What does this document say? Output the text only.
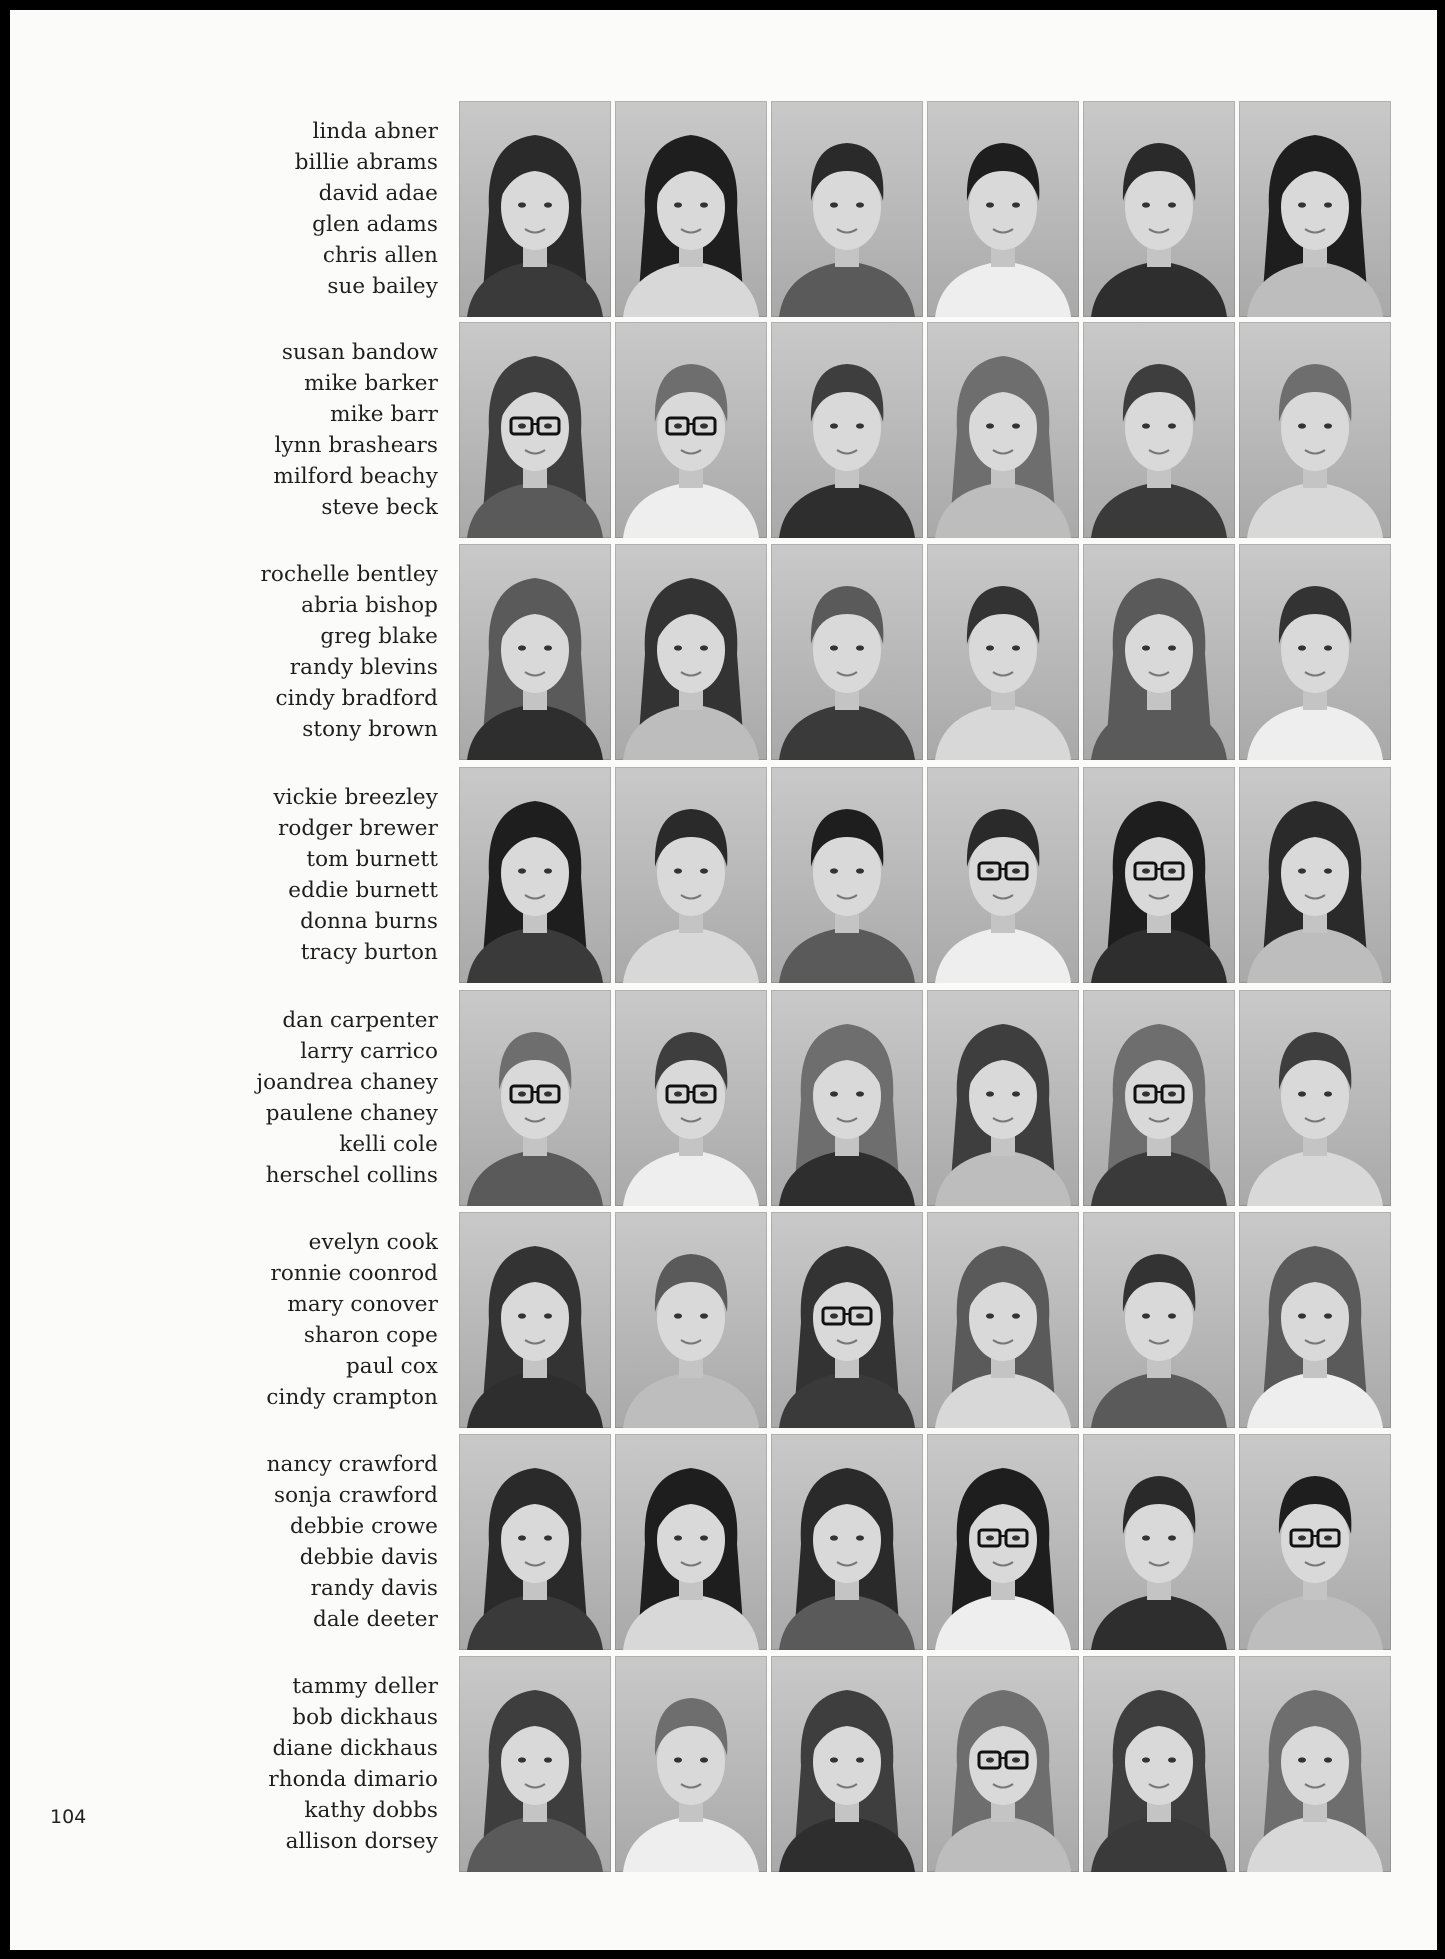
linda abner
billie abrams
david adae
glen adams
chris allen
sue bailey
susan bandow
mike barker
mike barr
lynn brashears
milford beachy
steve beck
rochelle bentley
abria bishop
greg blake
randy blevins
cindy bradford
stony brown
vickie breezley
rodger brewer
tom burnett
eddie burnett
donna burns
tracy burton
dan carpenter
larry carrico
joandrea chaney
paulene chaney
kelli cole
herschel collins
evelyn cook
ronnie coonrod
mary conover
sharon cope
paul cox
cindy crampton
nancy crawford
sonja crawford
debbie crowe
debbie davis
randy davis
dale deeter
tammy deller
bob dickhaus
diane dickhaus
rhonda dimario
kathy dobbs
allison dorsey
104
